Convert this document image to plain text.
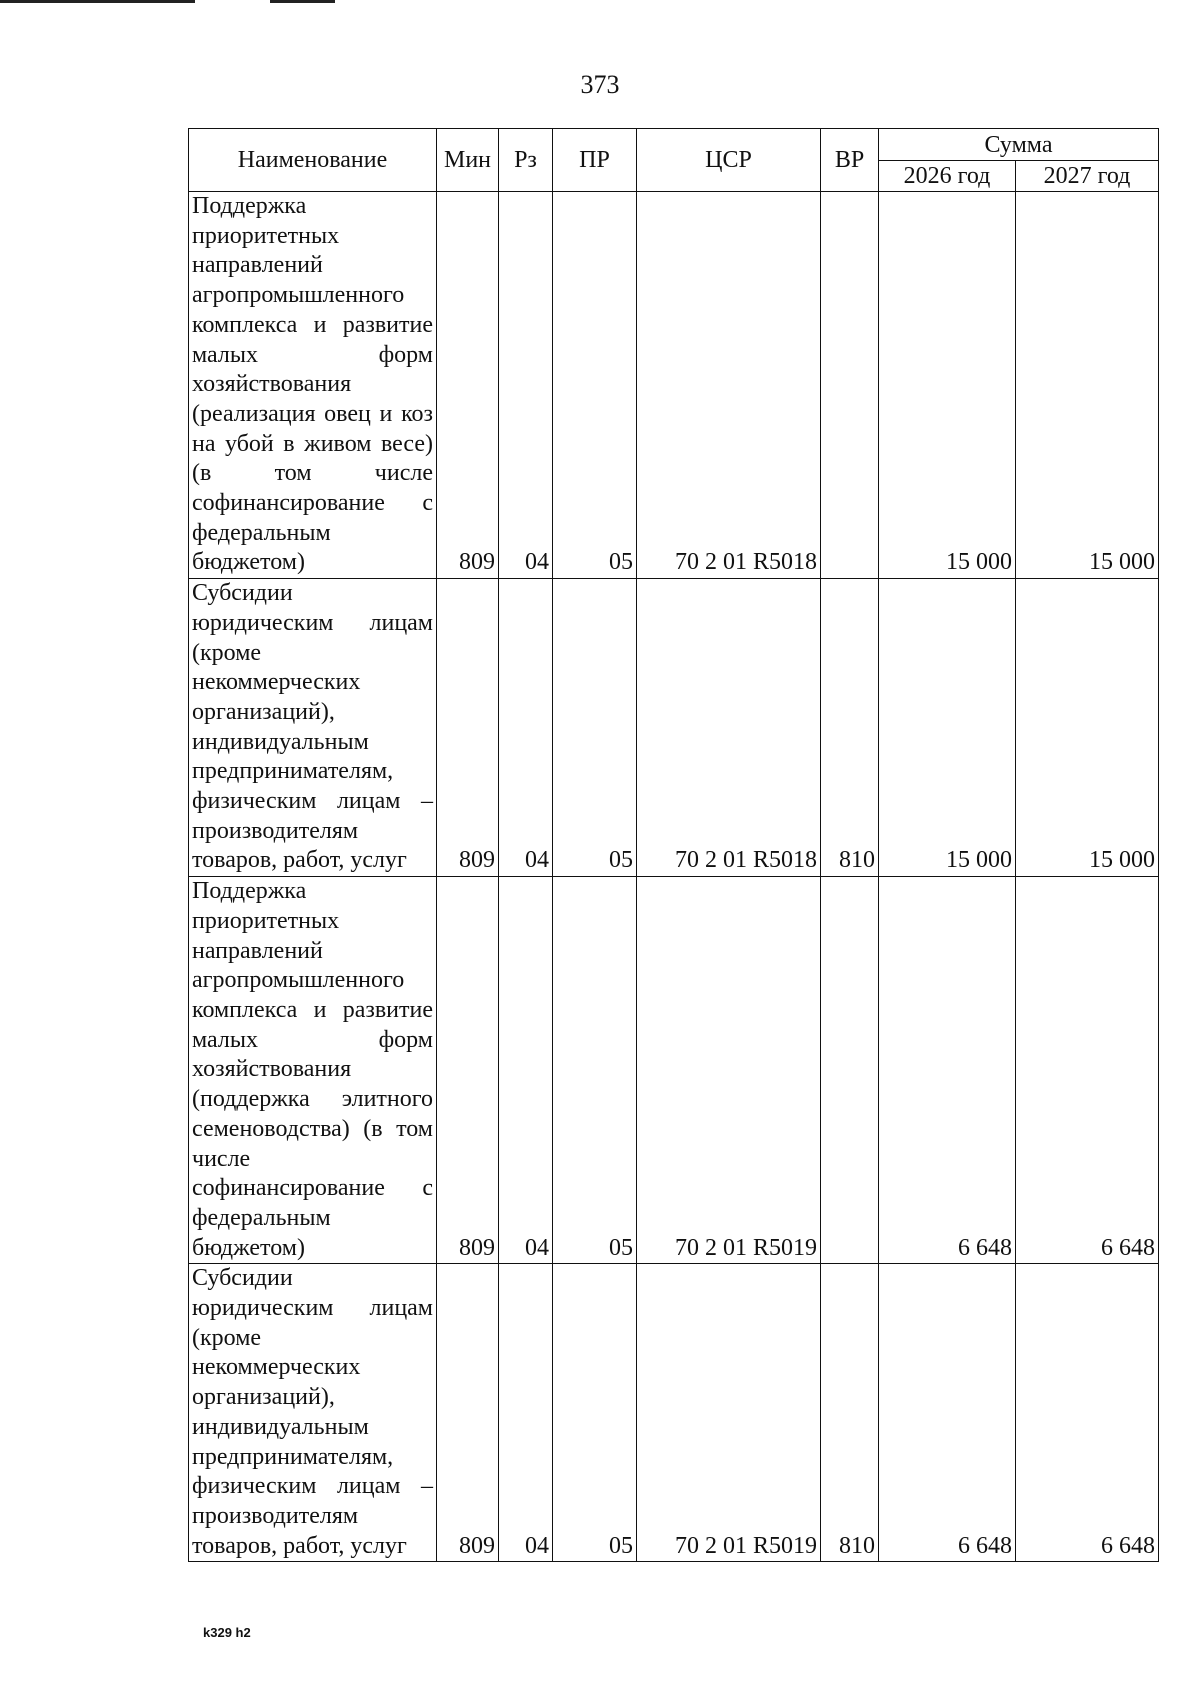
373
Наименование	Мин	Рз	ПР	ЦСР	ВР	Сумма	
						2026 год	2027 год
Поддержка приоритетных направлений агропромышленного комплекса и развитие малых форм хозяйствования (реализация овец и коз на убой в живом весе) (в том числе софинансирование с федеральным бюджетом)	809	04	05	70 2 01 R5018		15 000	15 000
Субсидии юридическим лицам (кроме некоммерческих организаций), индивидуальным предпринимателям, физическим лицам – производителям товаров, работ, услуг	809	04	05	70 2 01 R5018	810	15 000	15 000
Поддержка приоритетных направлений агропромышленного комплекса и развитие малых форм хозяйствования (поддержка элитного семеноводства) (в том числе софинансирование с федеральным бюджетом)	809	04	05	70 2 01 R5019		6 648	6 648
Субсидии юридическим лицам (кроме некоммерческих организаций), индивидуальным предпринимателям, физическим лицам – производителям товаров, работ, услуг	809	04	05	70 2 01 R5019	810	6 648	6 648
k329 h2
